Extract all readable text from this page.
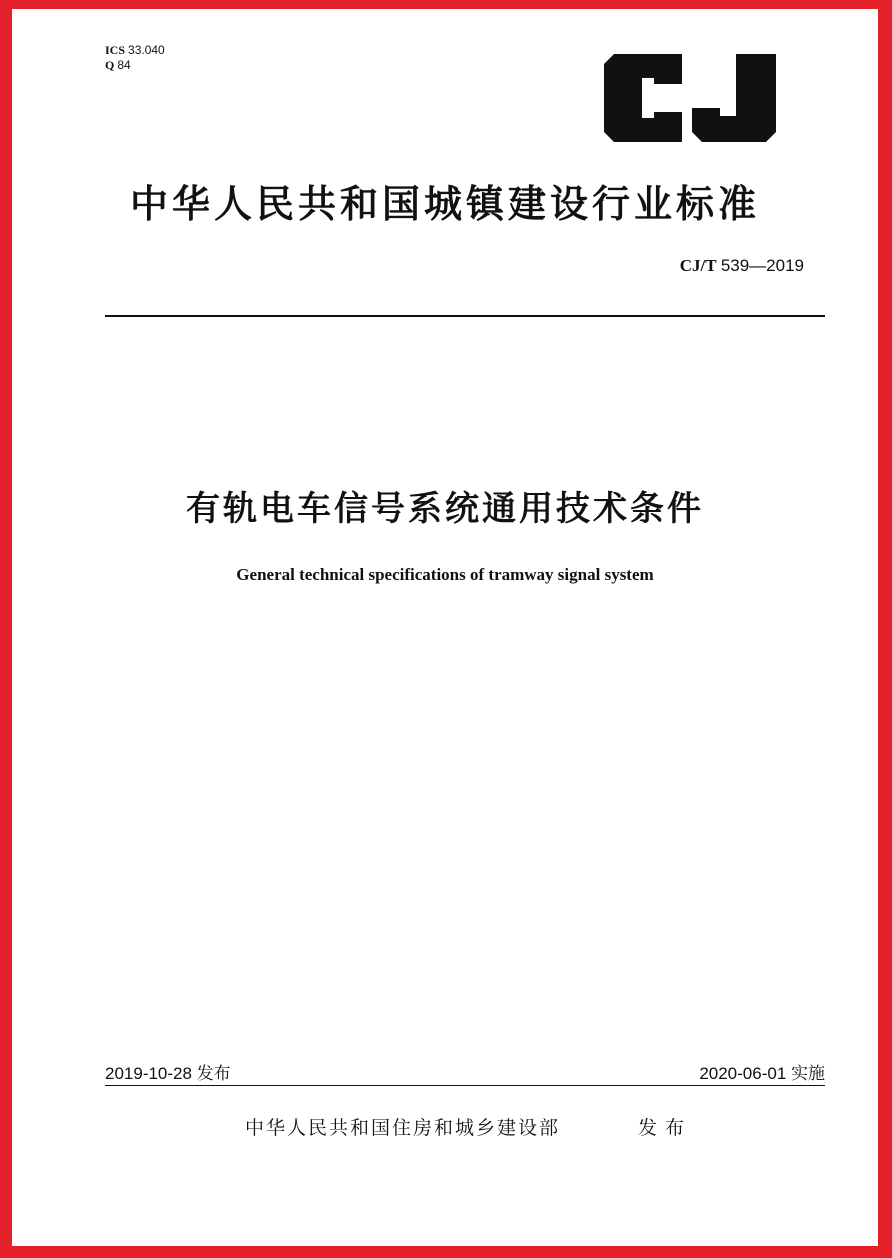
ICS 33.040
Q 84
中华人民共和国城镇建设行业标准
CJ/T 539—2019
有轨电车信号系统通用技术条件
General technical specifications of tramway signal system
2019-10-28 发布	2020-06-01 实施
中华人民共和国住房和城乡建设部	发布
